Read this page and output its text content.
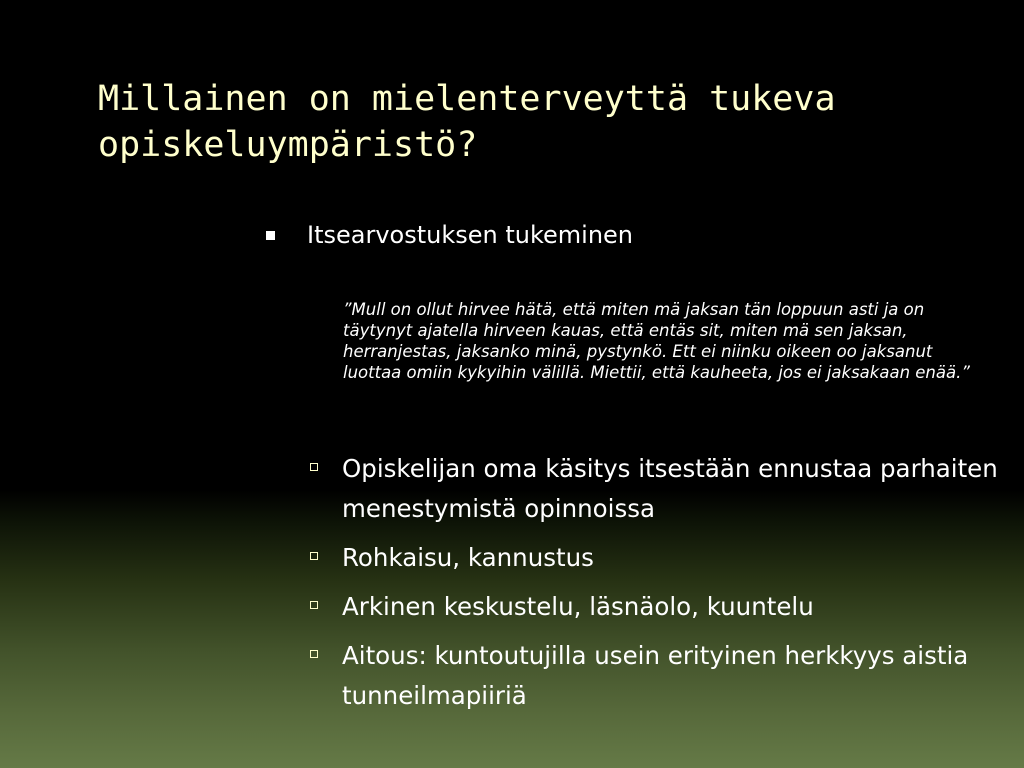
Millainen on mielenterveyttä tukeva opiskeluympäristö?
Itsearvostuksen tukeminen

”Mull on ollut hirvee hätä, että miten mä jaksan tän loppuun asti ja on täytynyt ajatella hirveen kauas, että entäs sit, miten mä sen jaksan, herranjestas, jaksanko minä, pystynkö. Ett ei niinku oikeen oo jaksanut luottaa omiin kykyihin välillä. Miettii, että kauheeta, jos ei jaksakaan enää.”

Opiskelijan oma käsitys itsestään ennustaa parhaiten menestymistä opinnoissa
Rohkaisu, kannustus
Arkinen keskustelu, läsnäolo, kuuntelu
Aitous: kuntoutujilla usein erityinen herkkyys aistia tunneilmapiiriä
